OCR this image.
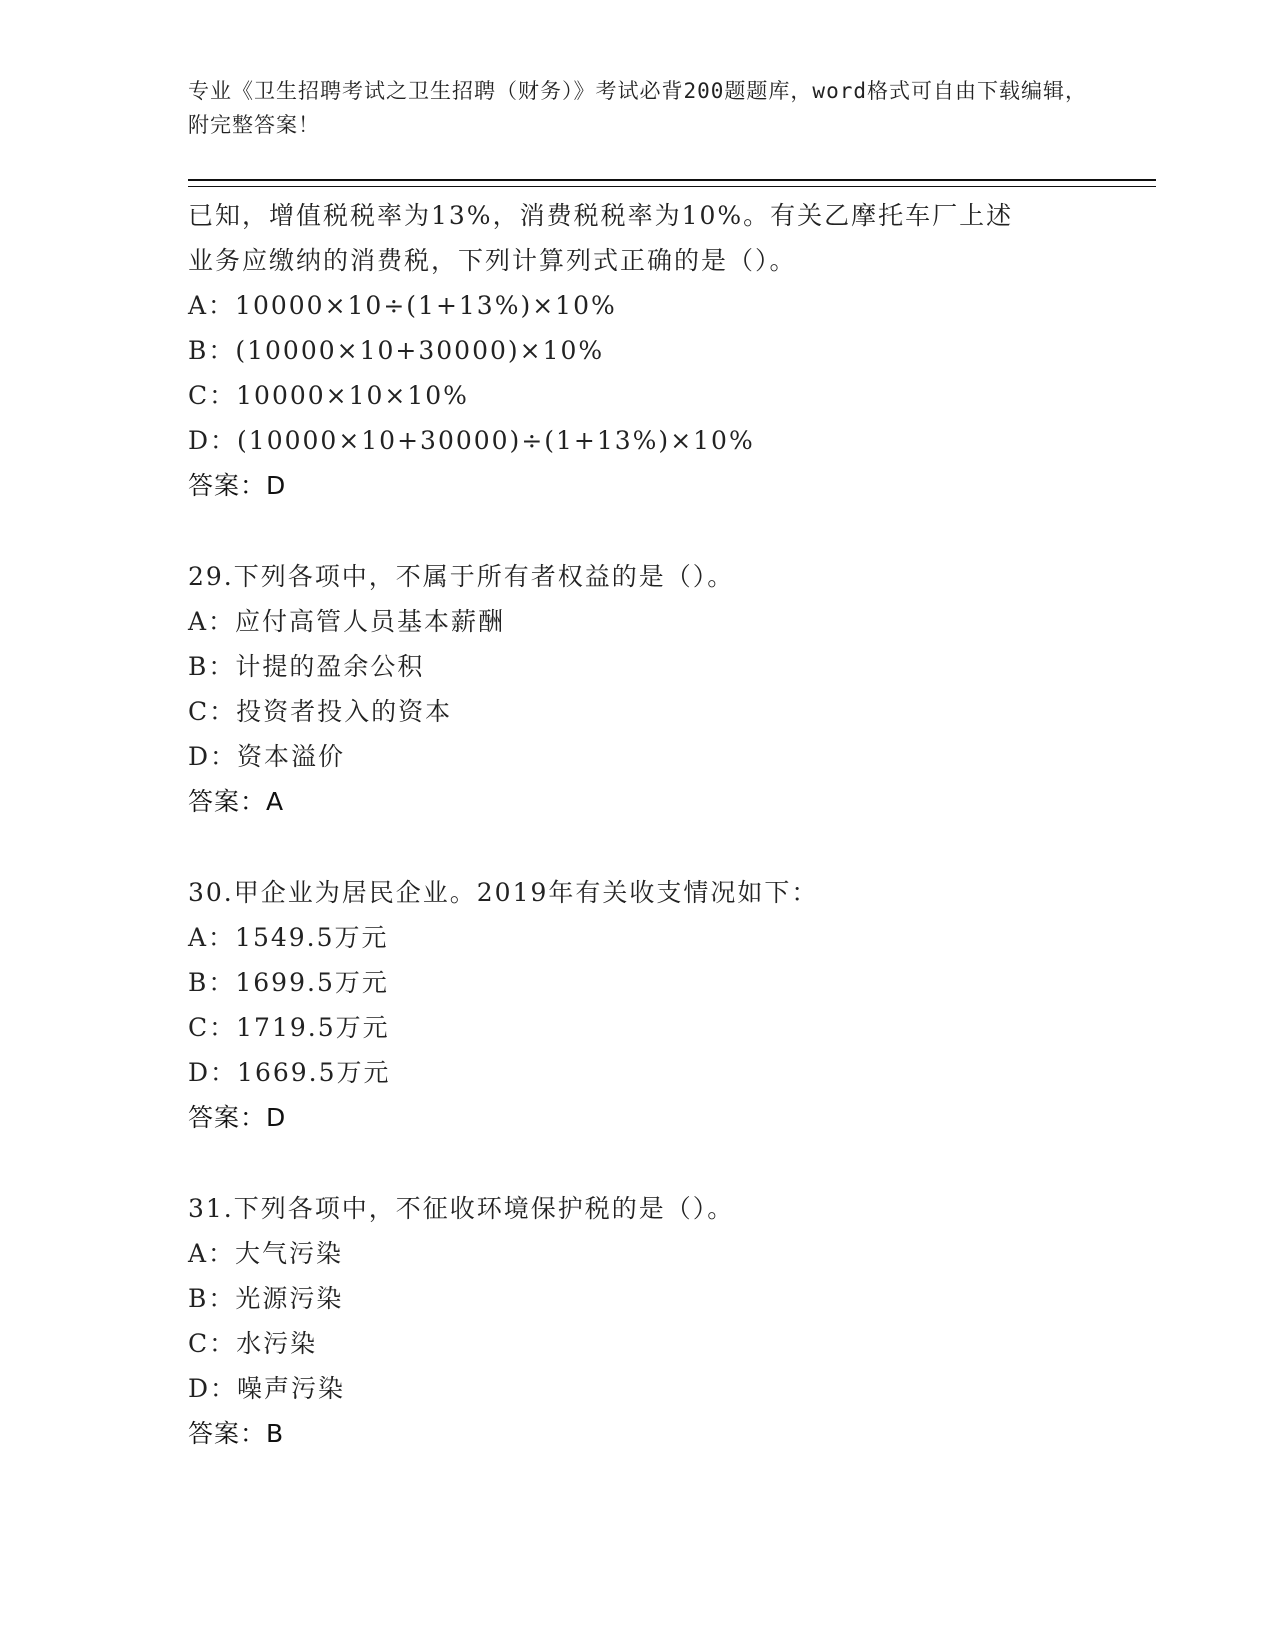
专业《卫生招聘考试之卫生招聘（财务）》考试必背200题题库，word格式可自由下载编辑，附完整答案！
已知，增值税税率为13%，消费税税率为10%。有关乙摩托车厂上述
业务应缴纳的消费税，下列计算列式正确的是（）。
A：10000×10÷(1+13%)×10%
B：(10000×10+30000)×10%
C：10000×10×10%
D：(10000×10+30000)÷(1+13%)×10%
答案：D
29.下列各项中，不属于所有者权益的是（）。
A：应付高管人员基本薪酬
B：计提的盈余公积
C：投资者投入的资本
D：资本溢价
答案：A
30.甲企业为居民企业。2019年有关收支情况如下：
A：1549.5万元
B：1699.5万元
C：1719.5万元
D：1669.5万元
答案：D
31.下列各项中，不征收环境保护税的是（）。
A：大气污染
B：光源污染
C：水污染
D：噪声污染
答案：B
